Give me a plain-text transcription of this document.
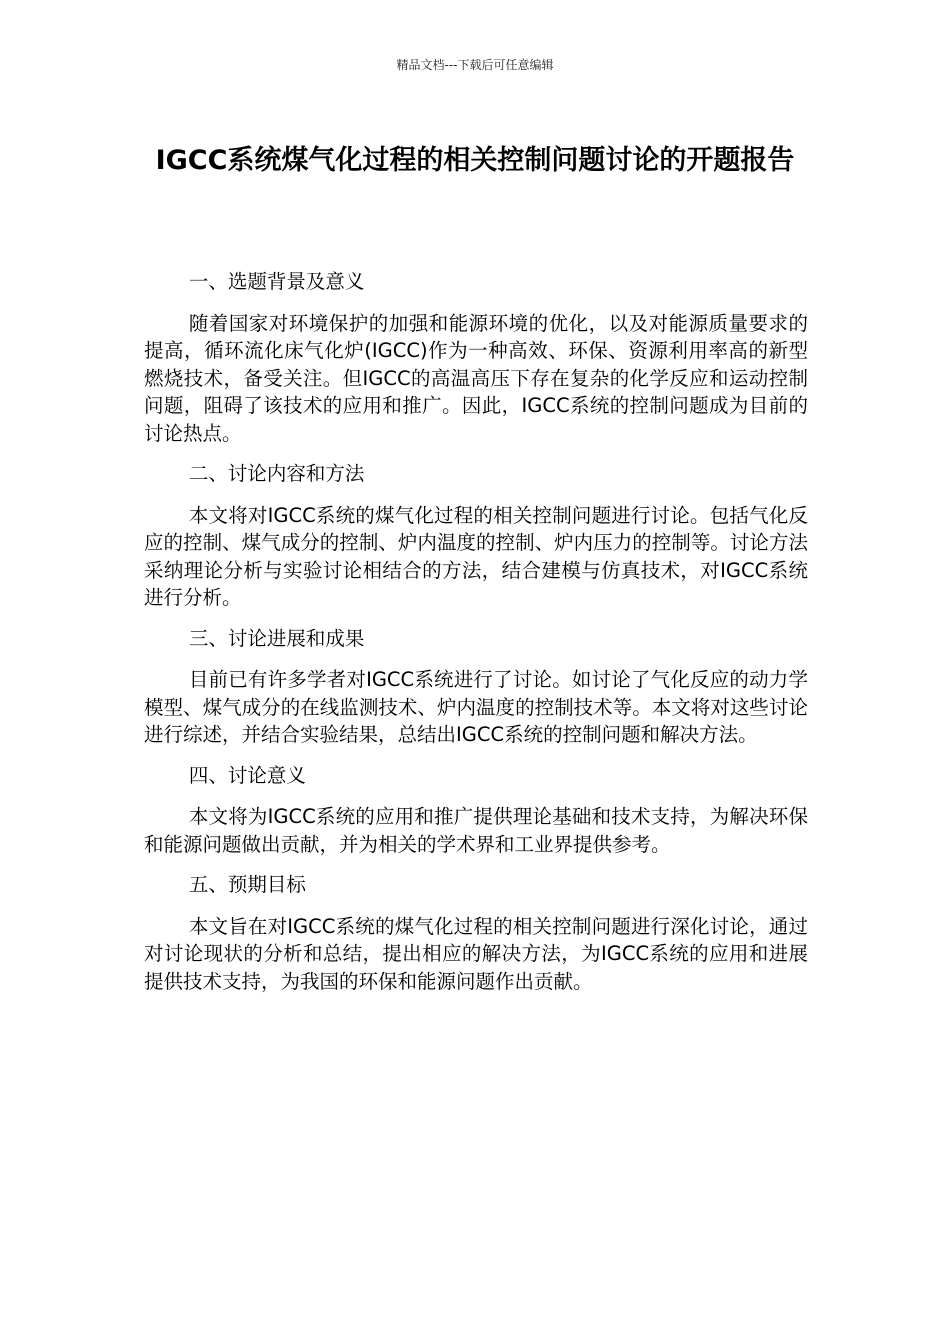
精品文档---下载后可任意编辑
IGCC系统煤气化过程的相关控制问题讨论的开题报告

一、选题背景及意义

随着国家对环境保护的加强和能源环境的优化，以及对能源质量要求的提高，循环流化床气化炉(IGCC)作为一种高效、环保、资源利用率高的新型燃烧技术，备受关注。但IGCC的高温高压下存在复杂的化学反应和运动控制问题，阻碍了该技术的应用和推广。因此，IGCC系统的控制问题成为目前的讨论热点。

二、讨论内容和方法

本文将对IGCC系统的煤气化过程的相关控制问题进行讨论。包括气化反应的控制、煤气成分的控制、炉内温度的控制、炉内压力的控制等。讨论方法采纳理论分析与实验讨论相结合的方法，结合建模与仿真技术，对IGCC系统进行分析。

三、讨论进展和成果

目前已有许多学者对IGCC系统进行了讨论。如讨论了气化反应的动力学模型、煤气成分的在线监测技术、炉内温度的控制技术等。本文将对这些讨论进行综述，并结合实验结果，总结出IGCC系统的控制问题和解决方法。

四、讨论意义

本文将为IGCC系统的应用和推广提供理论基础和技术支持，为解决环保和能源问题做出贡献，并为相关的学术界和工业界提供参考。

五、预期目标

本文旨在对IGCC系统的煤气化过程的相关控制问题进行深化讨论，通过对讨论现状的分析和总结，提出相应的解决方法，为IGCC系统的应用和进展提供技术支持，为我国的环保和能源问题作出贡献。
